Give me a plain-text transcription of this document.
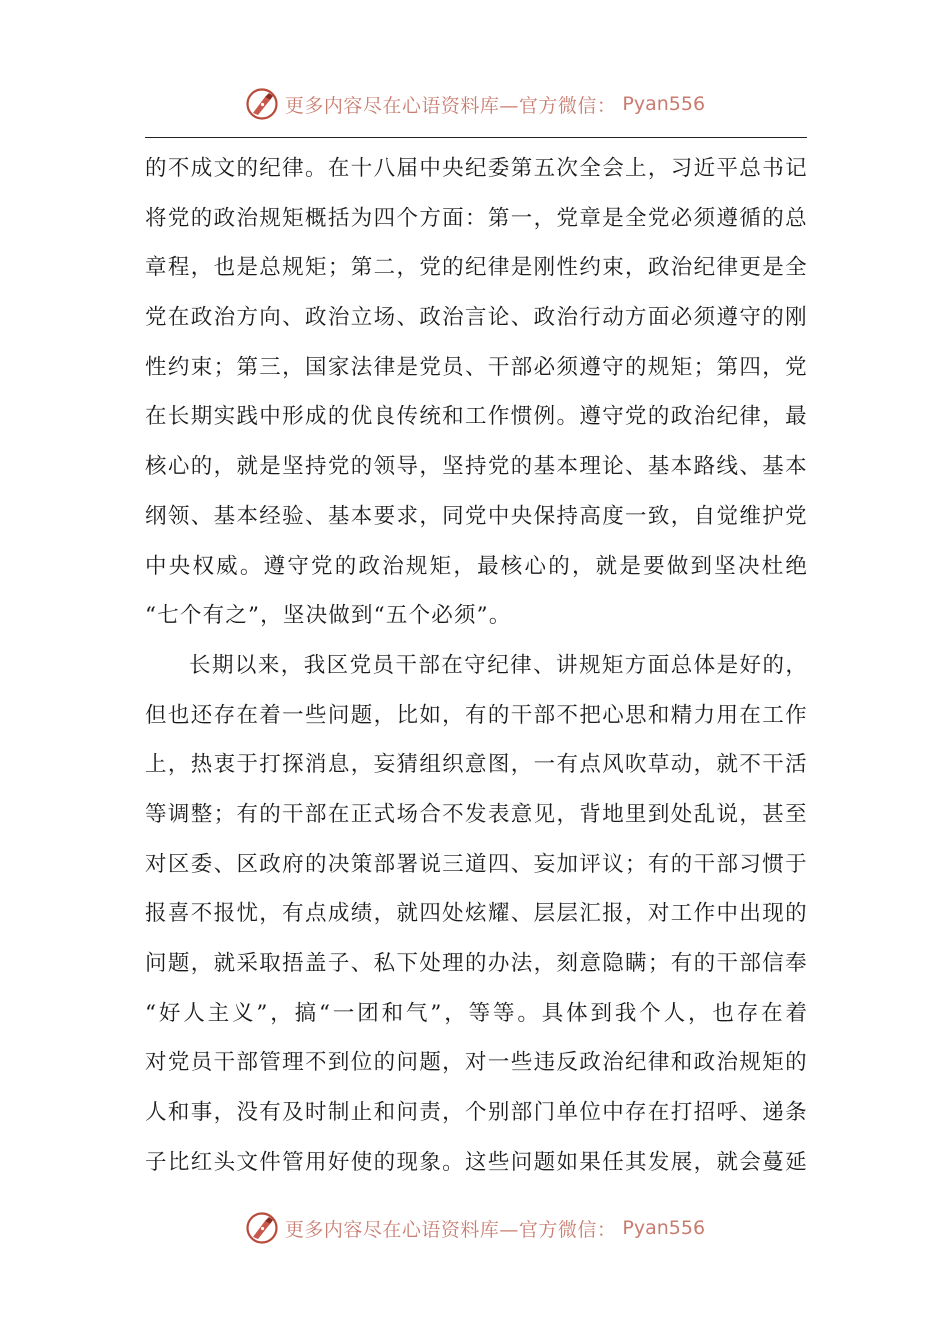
更多内容尽在心语资料库—官方微信： Pyan556
的 不 成 文 的 纪 律 。 在 十 八 届 中 央 纪 委 第 五 次 全 会 上 ， 习 近 平 总 书 记
将 党 的 政 治 规 矩 概 括 为 四 个 方 面 ： 第 一 ， 党 章 是 全 党 必 须 遵 循 的 总
章 程 ， 也 是 总 规 矩 ； 第 二 ， 党 的 纪 律 是 刚 性 约 束 ， 政 治 纪 律 更 是 全
党 在 政 治 方 向 、 政 治 立 场 、 政 治 言 论 、 政 治 行 动 方 面 必 须 遵 守 的 刚
性 约 束 ； 第 三 ， 国 家 法 律 是 党 员 、 干 部 必 须 遵 守 的 规 矩 ； 第 四 ， 党
在 长 期 实 践 中 形 成 的 优 良 传 统 和 工 作 惯 例 。 遵 守 党 的 政 治 纪 律 ， 最
核 心 的 ， 就 是 坚 持 党 的 领 导 ， 坚 持 党 的 基 本 理 论 、 基 本 路 线 、 基 本
纲 领 、 基 本 经 验 、 基 本 要 求 ， 同 党 中 央 保 持 高 度 一 致 ， 自 觉 维 护 党
中 央 权 威 。 遵 守 党 的 政 治 规 矩 ， 最 核 心 的 ， 就 是 要 做 到 坚 决 杜 绝
“七个有之”，坚决做到“五个必须”。
长 期 以 来 ， 我 区 党 员 干 部 在 守 纪 律 、 讲 规 矩 方 面 总 体 是 好 的 ，
但 也 还 存 在 着 一 些 问 题 ， 比 如 ， 有 的 干 部 不 把 心 思 和 精 力 用 在 工 作
上 ， 热 衷 于 打 探 消 息 ， 妄 猜 组 织 意 图 ， 一 有 点 风 吹 草 动 ， 就 不 干 活
等 调 整 ； 有 的 干 部 在 正 式 场 合 不 发 表 意 见 ， 背 地 里 到 处 乱 说 ， 甚 至
对 区 委 、 区 政 府 的 决 策 部 署 说 三 道 四 、 妄 加 评 议 ； 有 的 干 部 习 惯 于
报 喜 不 报 忧 ， 有 点 成 绩 ， 就 四 处 炫 耀 、 层 层 汇 报 ， 对 工 作 中 出 现 的
问 题 ， 就 采 取 捂 盖 子 、 私 下 处 理 的 办 法 ， 刻 意 隐 瞒 ； 有 的 干 部 信 奉
“ 好 人 主 义 ” ， 搞 “ 一 团 和 气 ” ， 等 等 。 具 体 到 我 个 人 ， 也 存 在 着
对 党 员 干 部 管 理 不 到 位 的 问 题 ， 对 一 些 违 反 政 治 纪 律 和 政 治 规 矩 的
人 和 事 ， 没 有 及 时 制 止 和 问 责 ， 个 别 部 门 单 位 中 存 在 打 招 呼 、 递 条
子 比 红 头 文 件 管 用 好 使 的 现 象 。 这 些 问 题 如 果 任 其 发 展 ， 就 会 蔓 延
更多内容尽在心语资料库—官方微信： Pyan556
